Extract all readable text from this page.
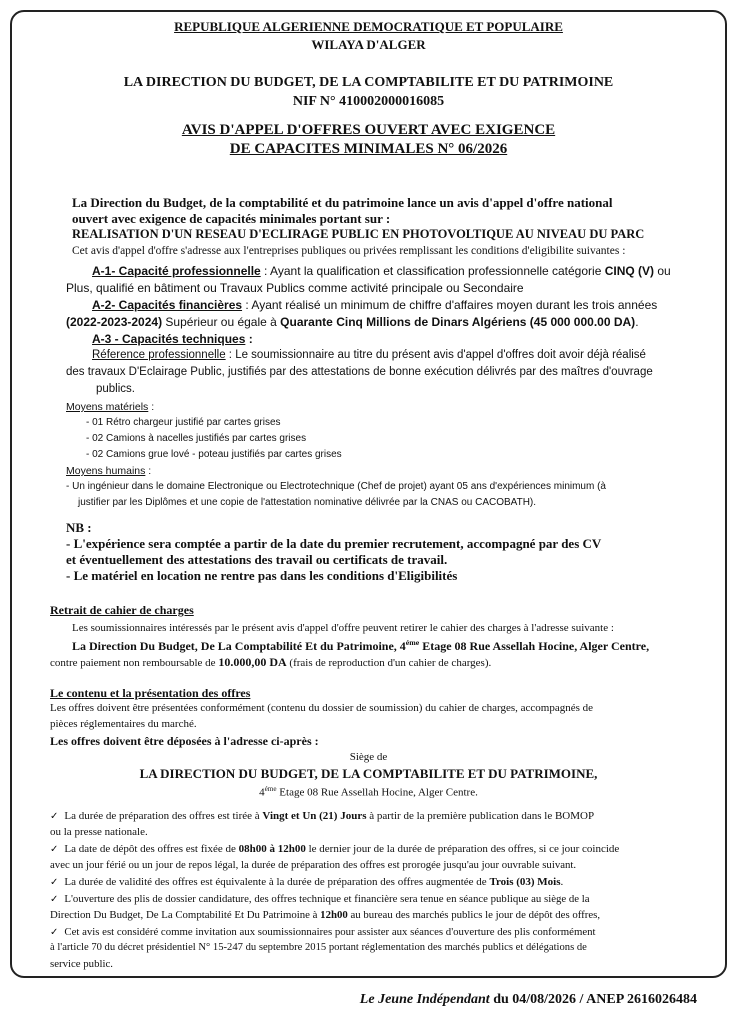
REPUBLIQUE ALGERIENNE DEMOCRATIQUE ET POPULAIRE
WILAYA D'ALGER
LA DIRECTION DU BUDGET, DE LA COMPTABILITE ET DU PATRIMOINE
NIF N° 410002000016085
AVIS D'APPEL D'OFFRES OUVERT AVEC EXIGENCE
DE CAPACITES MINIMALES N° 06/2026
La Direction du Budget, de la comptabilité et du patrimoine lance un avis d'appel d'offre national
ouvert avec exigence de capacités minimales portant sur :
REALISATION D'UN RESEAU D'ECLIRAGE PUBLIC EN PHOTOVOLTIQUE AU NIVEAU DU PARC
Cet avis d'appel d'offre s'adresse aux l'entreprises publiques ou privées remplissant les conditions d'eligibilite suivantes :
A-1- Capacité professionnelle : Ayant la qualification et classification professionnelle catégorie CINQ (V) ou
Plus, qualifié en bâtiment ou Travaux Publics comme activité principale ou Secondaire
A-2- Capacités financières : Ayant réalisé un minimum de chiffre d'affaires moyen durant les trois années
(2022-2023-2024) Supérieur ou égale à Quarante Cinq Millions de Dinars Algériens (45 000 000.00 DA).
A-3 - Capacités techniques :
Réference professionnelle : Le soumissionnaire au titre du présent avis d'appel d'offres doit avoir déjà réalisé
des travaux D'Eclairage Public, justifiés par des attestations de bonne exécution délivrés par des maîtres d'ouvrage
publics.
Moyens matériels :
- 01 Rétro chargeur justifié par cartes grises
- 02 Camions à nacelles justifiés par cartes grises
- 02 Camions grue lové - poteau justifiés par cartes grises
Moyens humains :
- Un ingénieur dans le domaine Electronique ou Electrotechnique (Chef de projet) ayant 05 ans d'expériences minimum (à
justifier par les Diplômes et une copie de l'attestation nominative délivrée par la CNAS ou CACOBATH).
NB :
- L'expérience sera comptée a partir de la date du premier recrutement, accompagné par des CV
et éventuellement des attestations des travail ou certificats de travail.
- Le matériel en location ne rentre pas dans les conditions d'Eligibilités
Retrait de cahier de charges
Les soumissionnaires intéressés par le présent avis d'appel d'offre peuvent retirer le cahier des charges à l'adresse suivante :
La Direction Du Budget, De La Comptabilité Et du Patrimoine, $4^{éme}$ Etage 08 Rue Assellah Hocine, Alger Centre,
contre paiement non remboursable de 10.000,00 DA (frais de reproduction d'un cahier de charges).
Le contenu et la présentation des offres
Les offres doivent être présentées conformément (contenu du dossier de soumission) du cahier de charges, accompagnés de
pièces réglementaires du marché.
Les offres doivent être déposées à l'adresse ci-après :
Siège de
LA DIRECTION DU BUDGET, DE LA COMPTABILITE ET DU PATRIMOINE,
$4^{éme}$ Etage 08 Rue Assellah Hocine, Alger Centre.
✓ La durée de préparation des offres est tirée à Vingt et Un (21) Jours à partir de la première publication dans le BOMOP
ou la presse nationale.
✓ La date de dépôt des offres est fixée de 08h00 à 12h00 le dernier jour de la durée de préparation des offres, si ce jour coincide
avec un jour férié ou un jour de repos légal, la durée de préparation des offres est prorogée jusqu'au jour ouvrable suivant.
✓ La durée de validité des offres est équivalente à la durée de préparation des offres augmentée de Trois (03) Mois.
✓ L'ouverture des plis de dossier candidature, des offres technique et financière sera tenue en séance publique au siège de la
Direction Du Budget, De La Comptabilité Et Du Patrimoine à 12h00 au bureau des marchés publics le jour de dépôt des offres,
✓ Cet avis est considéré comme invitation aux soumissionnaires pour assister aux séances d'ouverture des plis conformément
à l'article 70 du décret présidentiel N° 15-247 du septembre 2015 portant réglementation des marchés publics et délégations de
service public.
Le Jeune Indépendant du 04/08/2026 / ANEP 2616026484
